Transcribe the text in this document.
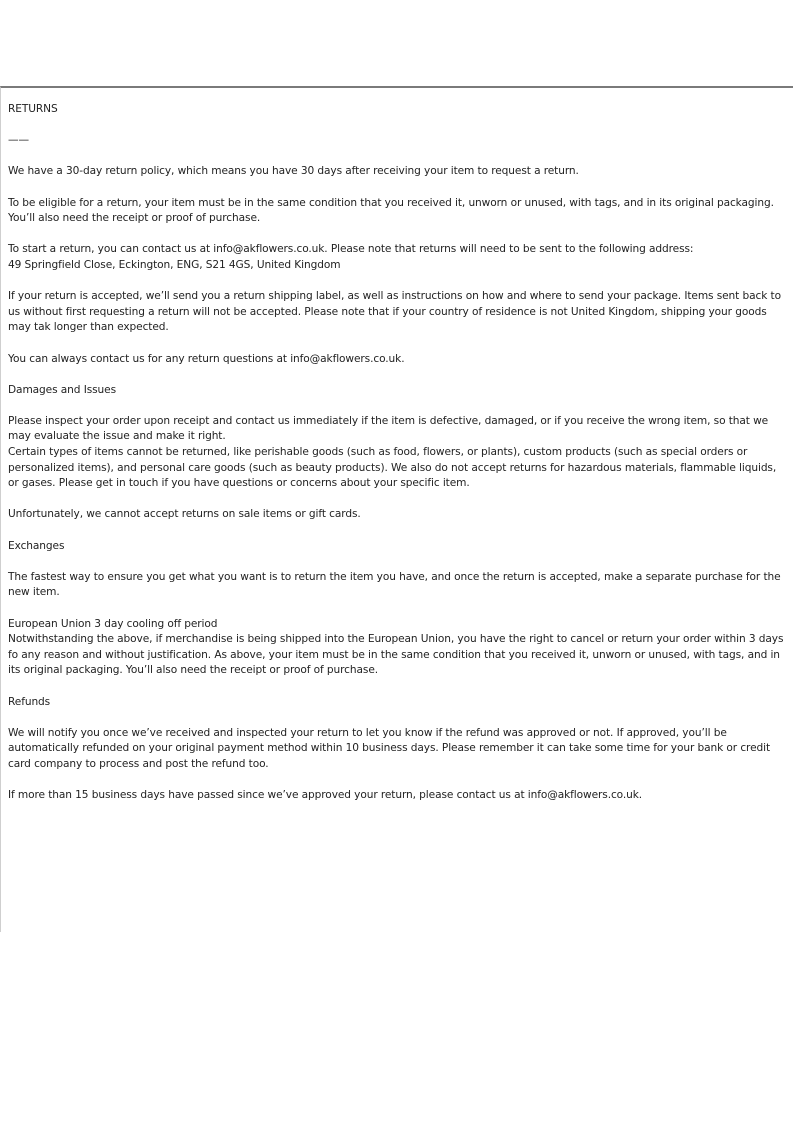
RETURNS
——
We have a 30-day return policy, which means you have 30 days after receiving your item to request a return.
To be eligible for a return, your item must be in the same condition that you received it, unworn or unused, with tags, and in its original packaging. You’ll also need the receipt or proof of purchase.
To start a return, you can contact us at info@akflowers.co.uk. Please note that returns will need to be sent to the following address:
49 Springfield Close, Eckington, ENG, S21 4GS, United Kingdom
If your return is accepted, we’ll send you a return shipping label, as well as instructions on how and where to send your package. Items sent back to us without first requesting a return will not be accepted. Please note that if your country of residence is not United Kingdom, shipping your goods may tak longer than expected.
You can always contact us for any return questions at info@akflowers.co.uk.
Damages and Issues
Please inspect your order upon receipt and contact us immediately if the item is defective, damaged, or if you receive the wrong item, so that we may evaluate the issue and make it right.
Certain types of items cannot be returned, like perishable goods (such as food, flowers, or plants), custom products (such as special orders or personalized items), and personal care goods (such as beauty products). We also do not accept returns for hazardous materials, flammable liquids, or gases. Please get in touch if you have questions or concerns about your specific item.
Unfortunately, we cannot accept returns on sale items or gift cards.
Exchanges
The fastest way to ensure you get what you want is to return the item you have, and once the return is accepted, make a separate purchase for the new item.
European Union 3 day cooling off period
Notwithstanding the above, if merchandise is being shipped into the European Union, you have the right to cancel or return your order within 3 days fo any reason and without justification. As above, your item must be in the same condition that you received it, unworn or unused, with tags, and in its original packaging. You’ll also need the receipt or proof of purchase.
Refunds
We will notify you once we’ve received and inspected your return to let you know if the refund was approved or not. If approved, you’ll be automatically refunded on your original payment method within 10 business days. Please remember it can take some time for your bank or credit card company to process and post the refund too.
If more than 15 business days have passed since we’ve approved your return, please contact us at info@akflowers.co.uk.
